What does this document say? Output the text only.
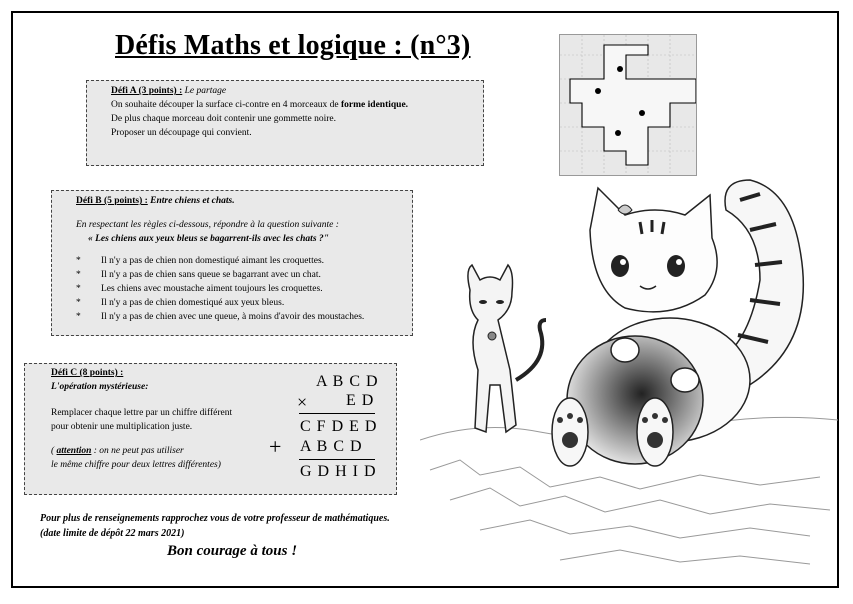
Défis Maths et logique : (n°3)
Défi A (3 points) : Le partage
On souhaite découper la surface ci-contre en 4 morceaux de forme identique.
De plus chaque morceau doit contenir une gommette noire.
Proposer un découpage qui convient.
Défi B (5 points) : Entre chiens et chats.
En respectant les règles ci-dessous, répondre à la question suivante :
« Les chiens aux yeux bleus se bagarrent-ils avec les chats ?"
* Il n'y a pas de chien non domestiqué aimant les croquettes.
* Il n'y a pas de chien sans queue se bagarrant avec un chat.
* Les chiens avec moustache aiment toujours les croquettes.
* Il n'y a pas de chien domestiqué aux yeux bleus.
* Il n'y a pas de chien avec une queue, à moins d'avoir des moustaches.
Défi C (8 points) :
L'opération mystérieuse:
Remplacer chaque lettre par un chiffre différent
pour obtenir une multiplication juste.
( attention : on ne peut pas utiliser
le même chiffre pour deux lettres différentes)
A B C D
× E D
C F D E D
+ A B C D
G D H I D
Pour plus de renseignements rapprochez vous de votre professeur de mathématiques.
(date limite de dépôt 22 mars 2021)
Bon courage à tous !
